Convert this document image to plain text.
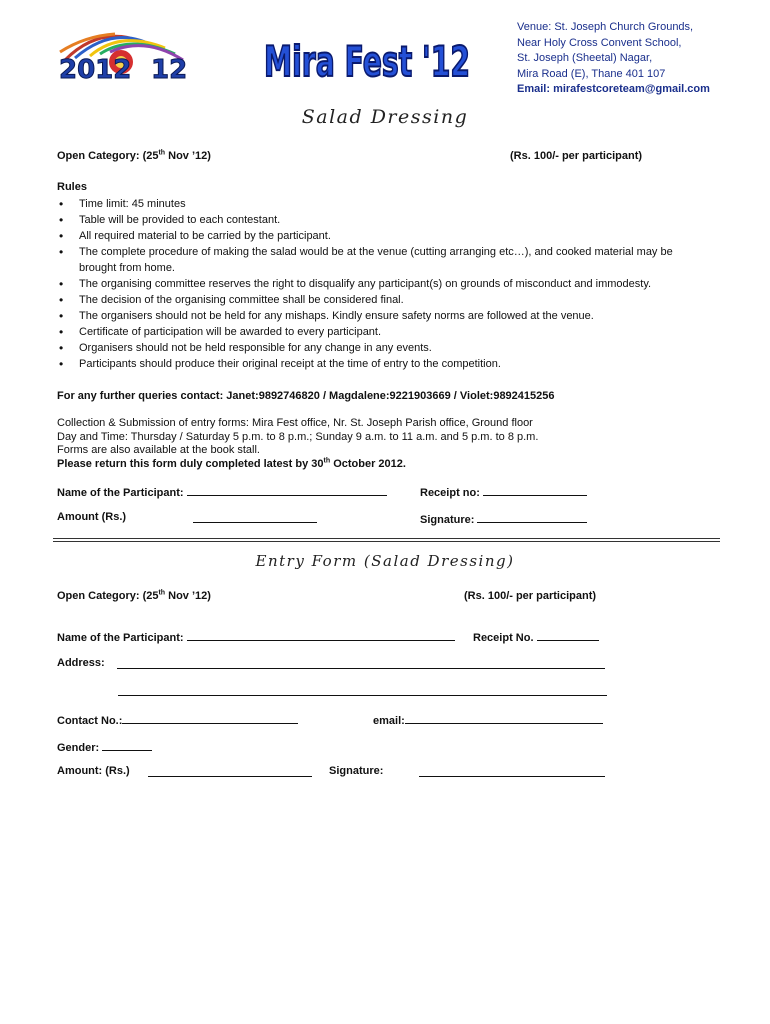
2012 12 Mira Fest '12
Venue: St. Joseph Church Grounds,
Near Holy Cross Convent School,
St. Joseph (Sheetal) Nagar,
Mira Road (E), Thane 401 107
Email: mirafestcoreteam@gmail.com
Salad Dressing
Open Category: (25th Nov ’12)	(Rs. 100/- per participant)
Rules
• Time limit: 45 minutes
• Table will be provided to each contestant.
• All required material to be carried by the participant.
• The complete procedure of making the salad would be at the venue (cutting arranging etc…), and cooked material may be brought from home.
• The organising committee reserves the right to disqualify any participant(s) on grounds of misconduct and immodesty.
• The decision of the organising committee shall be considered final.
• The organisers should not be held for any mishaps. Kindly ensure safety norms are followed at the venue.
• Certificate of participation will be awarded to every participant.
• Organisers should not be held responsible for any change in any events.
• Participants should produce their original receipt at the time of entry to the competition.
For any further queries contact: Janet:9892746820 / Magdalene:9221903669 / Violet:9892415256
Collection & Submission of entry forms: Mira Fest office, Nr. St. Joseph Parish office, Ground floor
Day and Time: Thursday / Saturday 5 p.m. to 8 p.m.; Sunday 9 a.m. to 11 a.m. and 5 p.m. to 8 p.m.
Forms are also available at the book stall.
Please return this form duly completed latest by 30th October 2012.
Name of the Participant:	Receipt no:
Amount (Rs.)	Signature:
Entry Form (Salad Dressing)
Open Category: (25th Nov ’12)	(Rs. 100/- per participant)
Name of the Participant:	Receipt No.
Address:
Contact No.:	email:
Gender:
Amount: (Rs.)	Signature:
